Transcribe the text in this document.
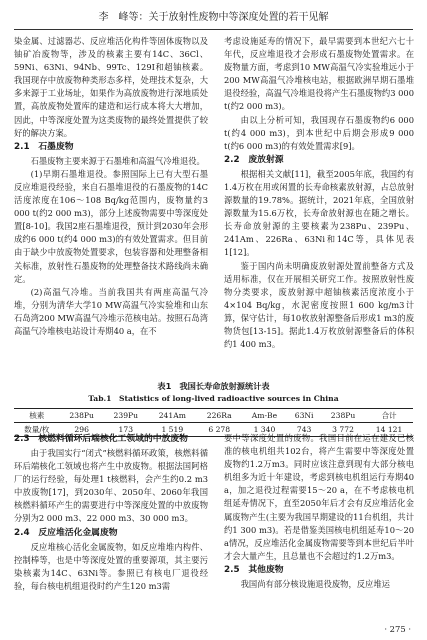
李　峰等：关于放射性废物中等深度处置的若干见解

染金属、过滤器芯、反应堆活化构件等固体废物以及铀矿冶废物等，涉及的核素主要有14C、36Cl、59Ni、63Ni、94Nb、99Tc、129I和超铀核素。我国现存中放废物种类形态多样，处理技术复杂，大多来源于工业场址，如果作为高放废物进行深地质处置，高放废物处置库的建造和运行成本将大大增加，因此，中等深度处置为这类废物的最终处置提供了较好的解决方案。

2.1　石墨废物

石墨废物主要来源于石墨堆和高温气冷堆退役。

(1)早期石墨堆退役。参照国际上已有大型石墨反应堆退役经验，来自石墨堆退役的石墨废物的14C活度浓度在106～108 Bq/kg范围内，废物量约3 000 t(约2 000 m3)，部分上述废物需要中等深度处置[8-10]。我国2座石墨堆退役，预计到2030年会形成约6 000 t(约4 000 m3)的有效处置需求。但目前由于缺少中放废物处置要求，包装容器和处理整备相关标准，放射性石墨废物的处理整备技术路线尚未确定。

(2)高温气冷堆。当前我国共有两座高温气冷堆，分别为清华大学10 MW高温气冷实验堆和山东石岛湾200 MW高温气冷堆示范核电站。按照石岛湾高温气冷堆核电站设计寿期40 a，在不

考虑设施延寿的情况下，最早需要到本世纪六七十年代，反应堆退役才会形成石墨废物处置需求。在废物量方面，考虑到10 MW高温气冷实验堆远小于200 MW高温气冷堆核电站，根据欧洲早期石墨堆退役经验，高温气冷堆退役将产生石墨废物约3 000 t(约2 000 m3)。

由以上分析可知，我国现存石墨废物约6 000 t(约4 000 m3)，到本世纪中后期会形成9 000 t(约6 000 m3)的有效处置需求[9]。

2.2　废放射源

根据相关文献[11]，截至2005年底，我国约有1.4万枚在用或闲置的长寿命核素放射源，占总放射源数量的19.78%。据统计，2021年底，全国放射源数量为15.6万枚，长寿命放射源也在随之增长。长寿命放射源的主要核素为238Pu、239Pu、241Am、226Ra、63Ni和14C等，具体见表1[12]。

鉴于国内尚未明确废放射源处置前整备方式及适用标准，仅在开展相关研究工作。按照放射性废物分类要求，废放射源中超铀核素活度浓度小于4×104 Bq/kg，水泥密度按照1 600 kg/m3计算，保守估计，每10枚放射源整备后形成1 m3的废物货包[13-15]。据此1.4万枚放射源整备后的体积约1 400 m3。

表1　我国长寿命放射源统计表
Tab.1　Statistics of long-lived radioactive sources in China
核素	238Pu	239Pu	241Am	226Ra	Am-Be	63Ni	238Pu	合计
数量/枚	296	173	1 519	6 278	1 340	743	3 772	14 121
2.3　核燃料循环后端核化工领域的中放废物

由于我国实行“闭式”核燃料循环政策，核燃料循环后端核化工领域也将产生中放废物。根据法国阿格厂的运行经验，每处理1 t核燃料，会产生约0.2 m3中放废物[17]，到2030年、2050年、2060年我国核燃料循环产生的需要进行中等深度处置的中放废物分别为2 000 m3、22 000 m3、30 000 m3。

2.4　反应堆活化金属废物

反应堆核心活化金属废物，如反应堆堆内构件、控制棒等，也是中等深度处置的重要源项，其主要污染核素为14C、63Ni等。参照已有核电厂退役经验，每台核电机组退役时约产生120 m3需

要中等深度处置的废物。我国目前在运在建及已核准的核电机组共102台，将产生需要中等深度处置废物约1.2万m3。同时应该注意到现有大部分核电机组多为近十年建设，考虑到核电机组运行寿期40 a，加之退役过程需要15～20 a，在不考虑核电机组延寿情况下，直至2050年后才会有反应堆活化金属废物产生(主要为我国早期建设的11台机组，共计约1 300 m3)。若是借鉴美国核电机组延寿10～20 a情况，反应堆活化金属废物需要等到本世纪后半叶才会大量产生，且总量也不会超过约1.2万m3。

2.5　其他废物

我国尚有部分核设施退役废物，反应堆运

· 275 ·
